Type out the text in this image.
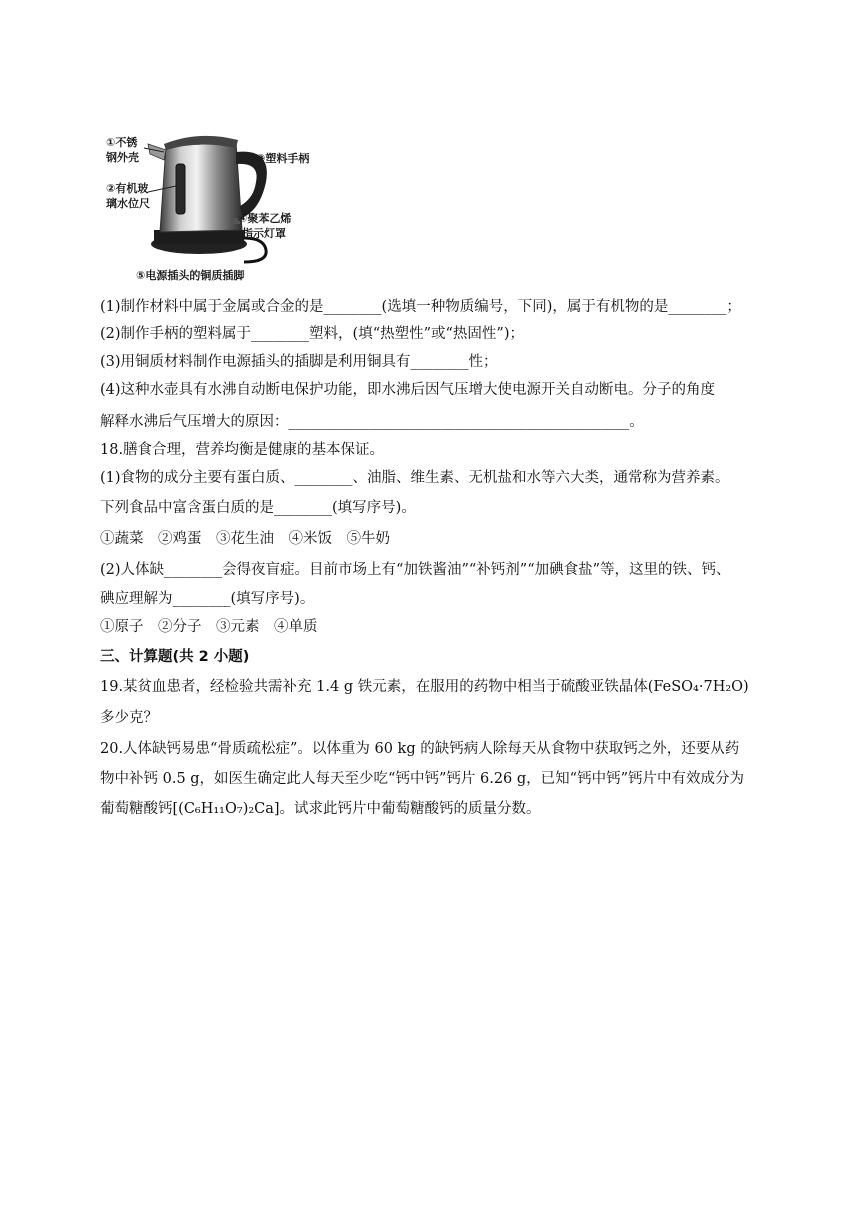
①不锈
钢外壳
②有机玻
璃水位尺
③塑料手柄
④聚苯乙烯
指示灯罩
⑤电源插头的铜质插脚
(1)制作材料中属于金属或合金的是________(选填一种物质编号，下同)，属于有机物的是________；
(2)制作手柄的塑料属于________塑料，(填“热塑性”或“热固性”)；
(3)用铜质材料制作电源插头的插脚是利用铜具有________性；
(4)这种水壶具有水沸自动断电保护功能，即水沸后因气压增大使电源开关自动断电。分子的角度
解释水沸后气压增大的原因：_______________________________________________。
18.膳食合理，营养均衡是健康的基本保证。
(1)食物的成分主要有蛋白质、________、油脂、维生素、无机盐和水等六大类，通常称为营养素。
下列食品中富含蛋白质的是________(填写序号)。
①蔬菜　②鸡蛋　③花生油　④米饭　⑤牛奶
(2)人体缺________会得夜盲症。目前市场上有“加铁酱油”“补钙剂”“加碘食盐”等，这里的铁、钙、
碘应理解为________(填写序号)。
①原子　②分子　③元素　④单质
三、计算题(共 2 小题)
19.某贫血患者，经检验共需补充 1.4 g 铁元素，在服用的药物中相当于硫酸亚铁晶体(FeSO₄·7H₂O)
多少克？
20.人体缺钙易患“骨质疏松症”。以体重为 60 kg 的缺钙病人除每天从食物中获取钙之外，还要从药
物中补钙 0.5 g，如医生确定此人每天至少吃“钙中钙”钙片 6.26 g，已知“钙中钙”钙片中有效成分为
葡萄糖酸钙[(C₆H₁₁O₇)₂Ca]。试求此钙片中葡萄糖酸钙的质量分数。
